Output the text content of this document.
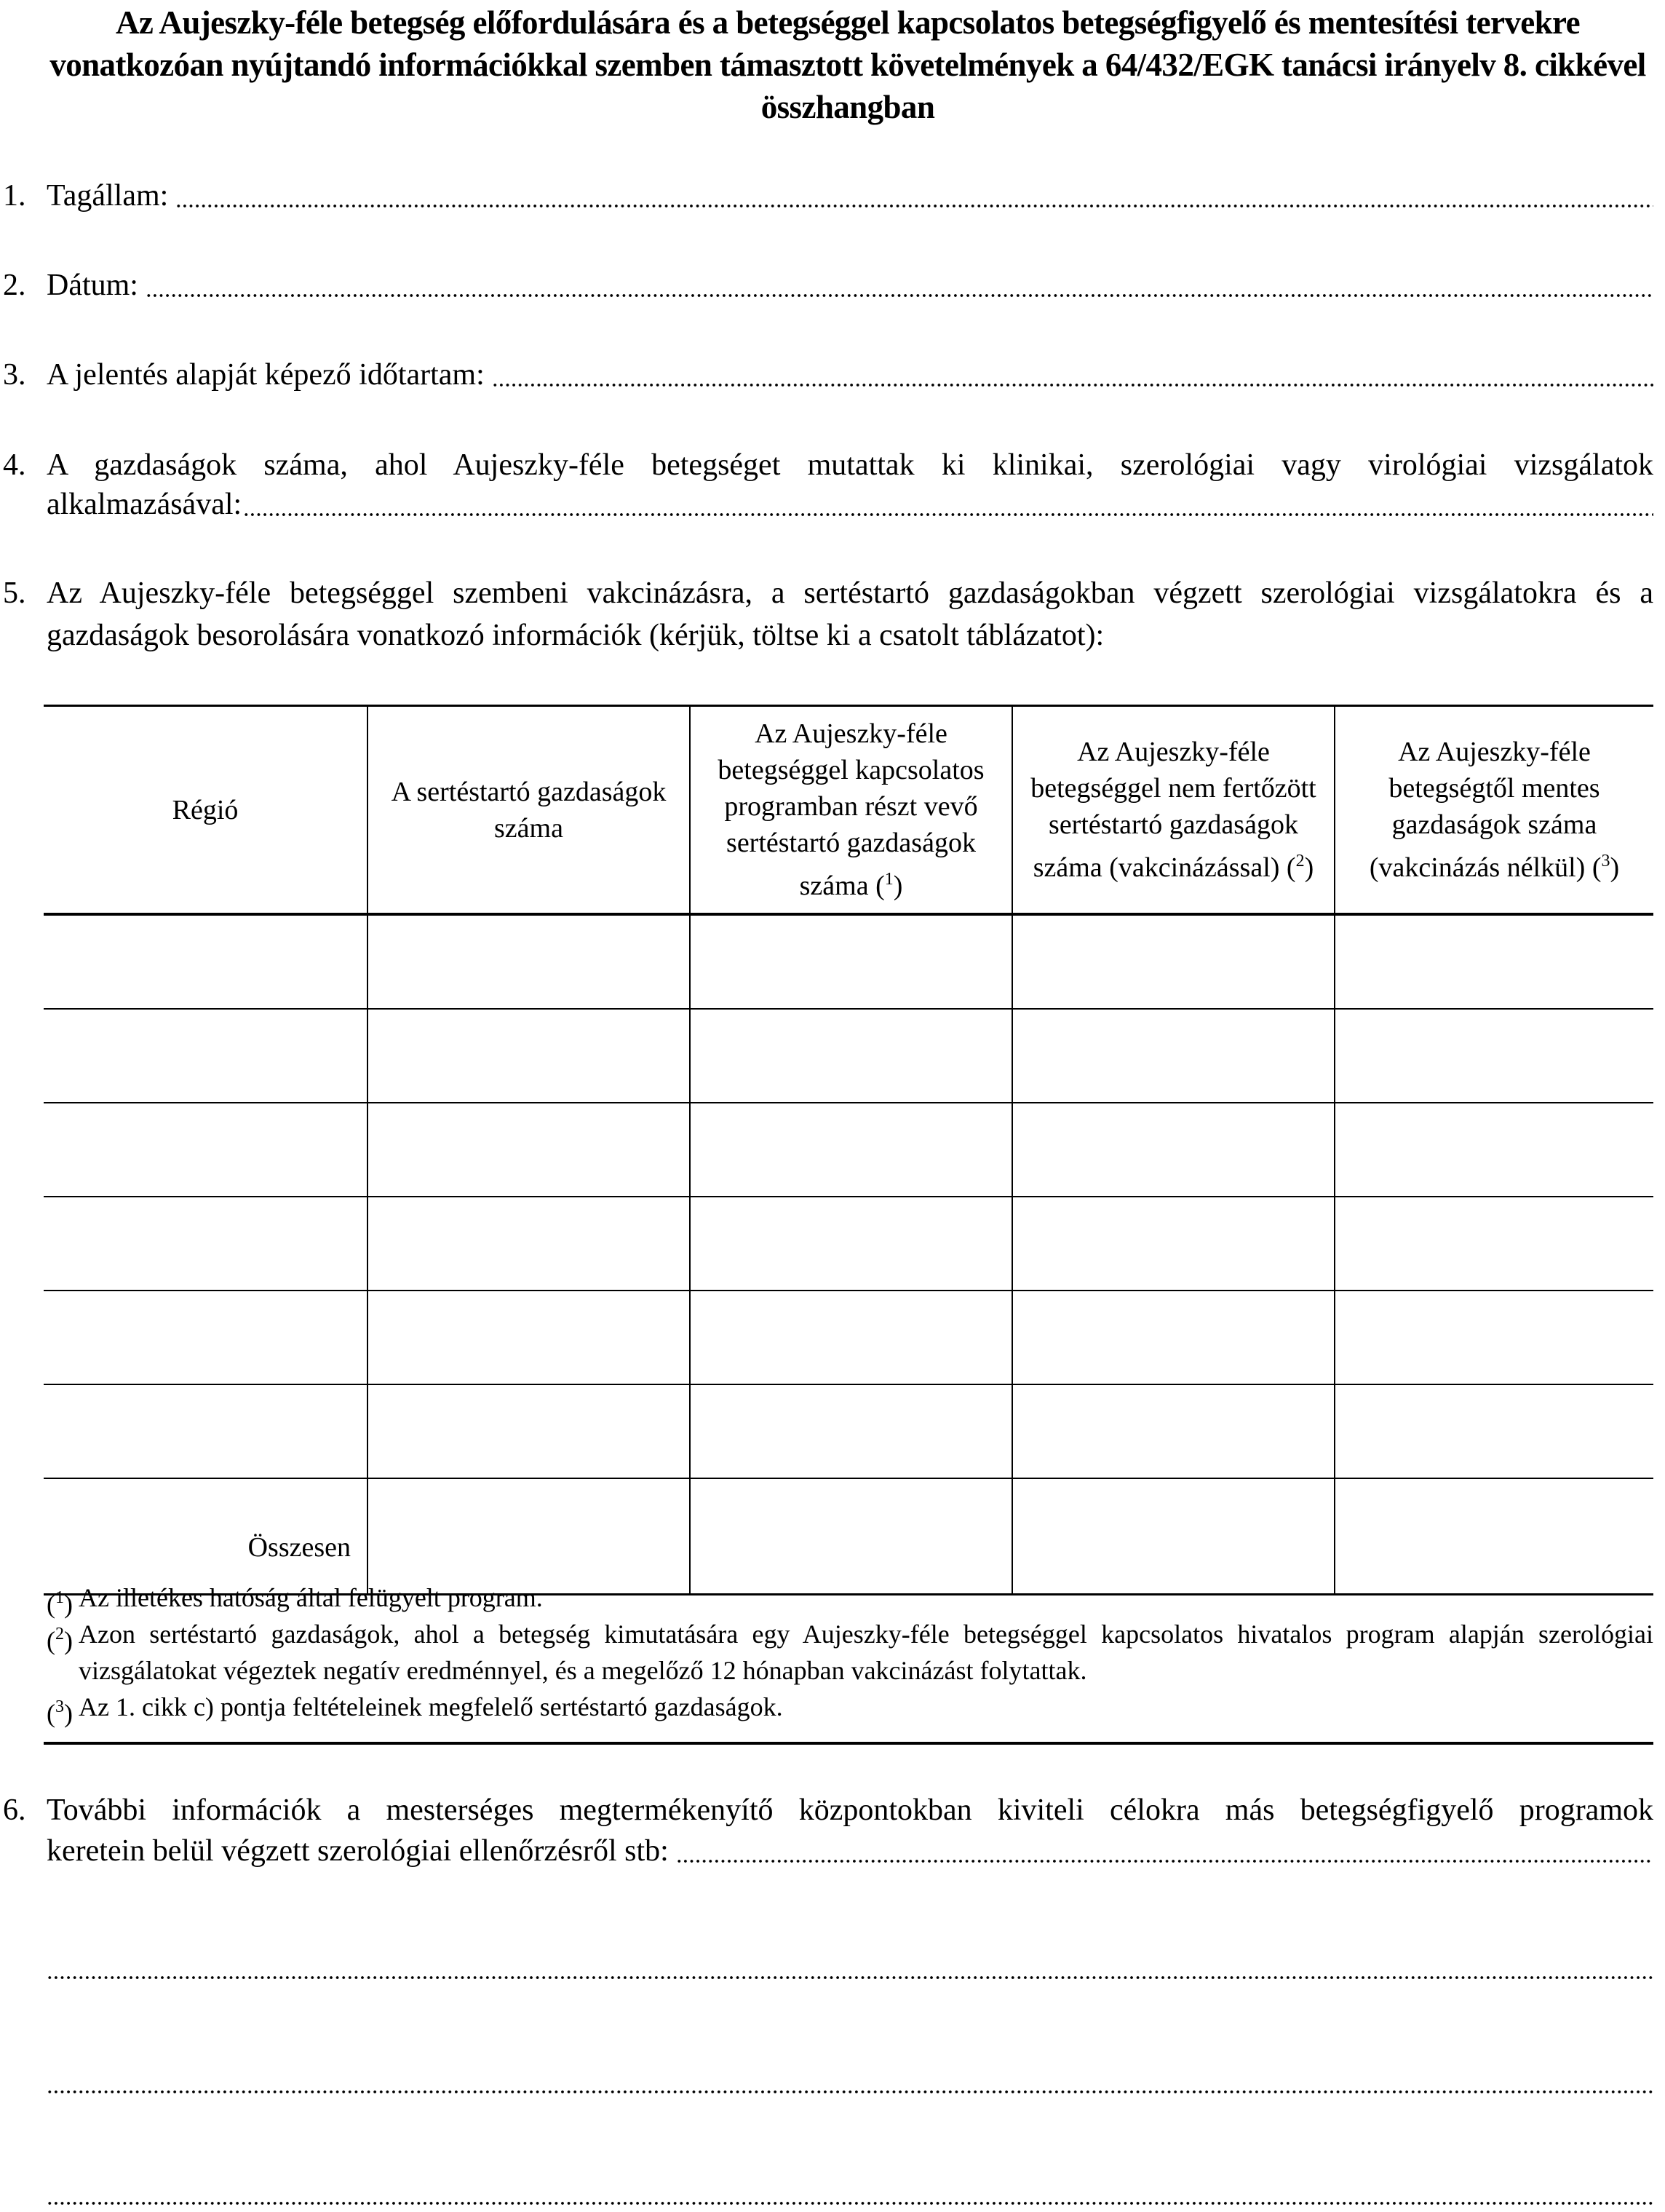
Az Aujeszky-féle betegség előfordulására és a betegséggel kapcsolatos betegségfigyelő és mentesítési tervekre vonatkozóan nyújtandó információkkal szemben támasztott követelmények a 64/432/EGK tanácsi irányelv 8. cikkével összhangban
1. Tagállam:
2. Dátum:
3. A jelentés alapját képező időtartam:
4. A gazdaságok száma, ahol Aujeszky-féle betegséget mutattak ki klinikai, szerológiai vagy virológiai vizsgálatok
alkalmazásával:
5. Az Aujeszky-féle betegséggel szembeni vakcinázásra, a sertéstartó gazdaságokban végzett szerológiai vizsgálatokra és a gazdaságok besorolására vonatkozó információk (kérjük, töltse ki a csatolt táblázatot):
Régió	A sertéstartó gazdaságok száma	Az Aujeszky-féle betegséggel kapcsolatos programban részt vevő sertéstartó gazdaságok száma ($^1$)	Az Aujeszky-féle betegséggel nem fertőzött sertéstartó gazdaságok száma (vakcinázással) ($^2$)	Az Aujeszky-féle betegségtől mentes gazdaságok száma (vakcinázás nélkül) ($^3$)

Összesen				
($^1$) Az illetékes hatóság által felügyelt program.
($^2$) Azon sertéstartó gazdaságok, ahol a betegség kimutatására egy Aujeszky-féle betegséggel kapcsolatos hivatalos program alapján szerológiai vizsgálatokat végeztek negatív eredménnyel, és a megelőző 12 hónapban vakcinázást folytattak.
($^3$) Az 1. cikk c) pontja feltételeinek megfelelő sertéstartó gazdaságok.
6. További információk a mesterséges megtermékenyítő központokban kiviteli célokra más betegségfigyelő programok
keretein belül végzett szerológiai ellenőrzésről stb:
